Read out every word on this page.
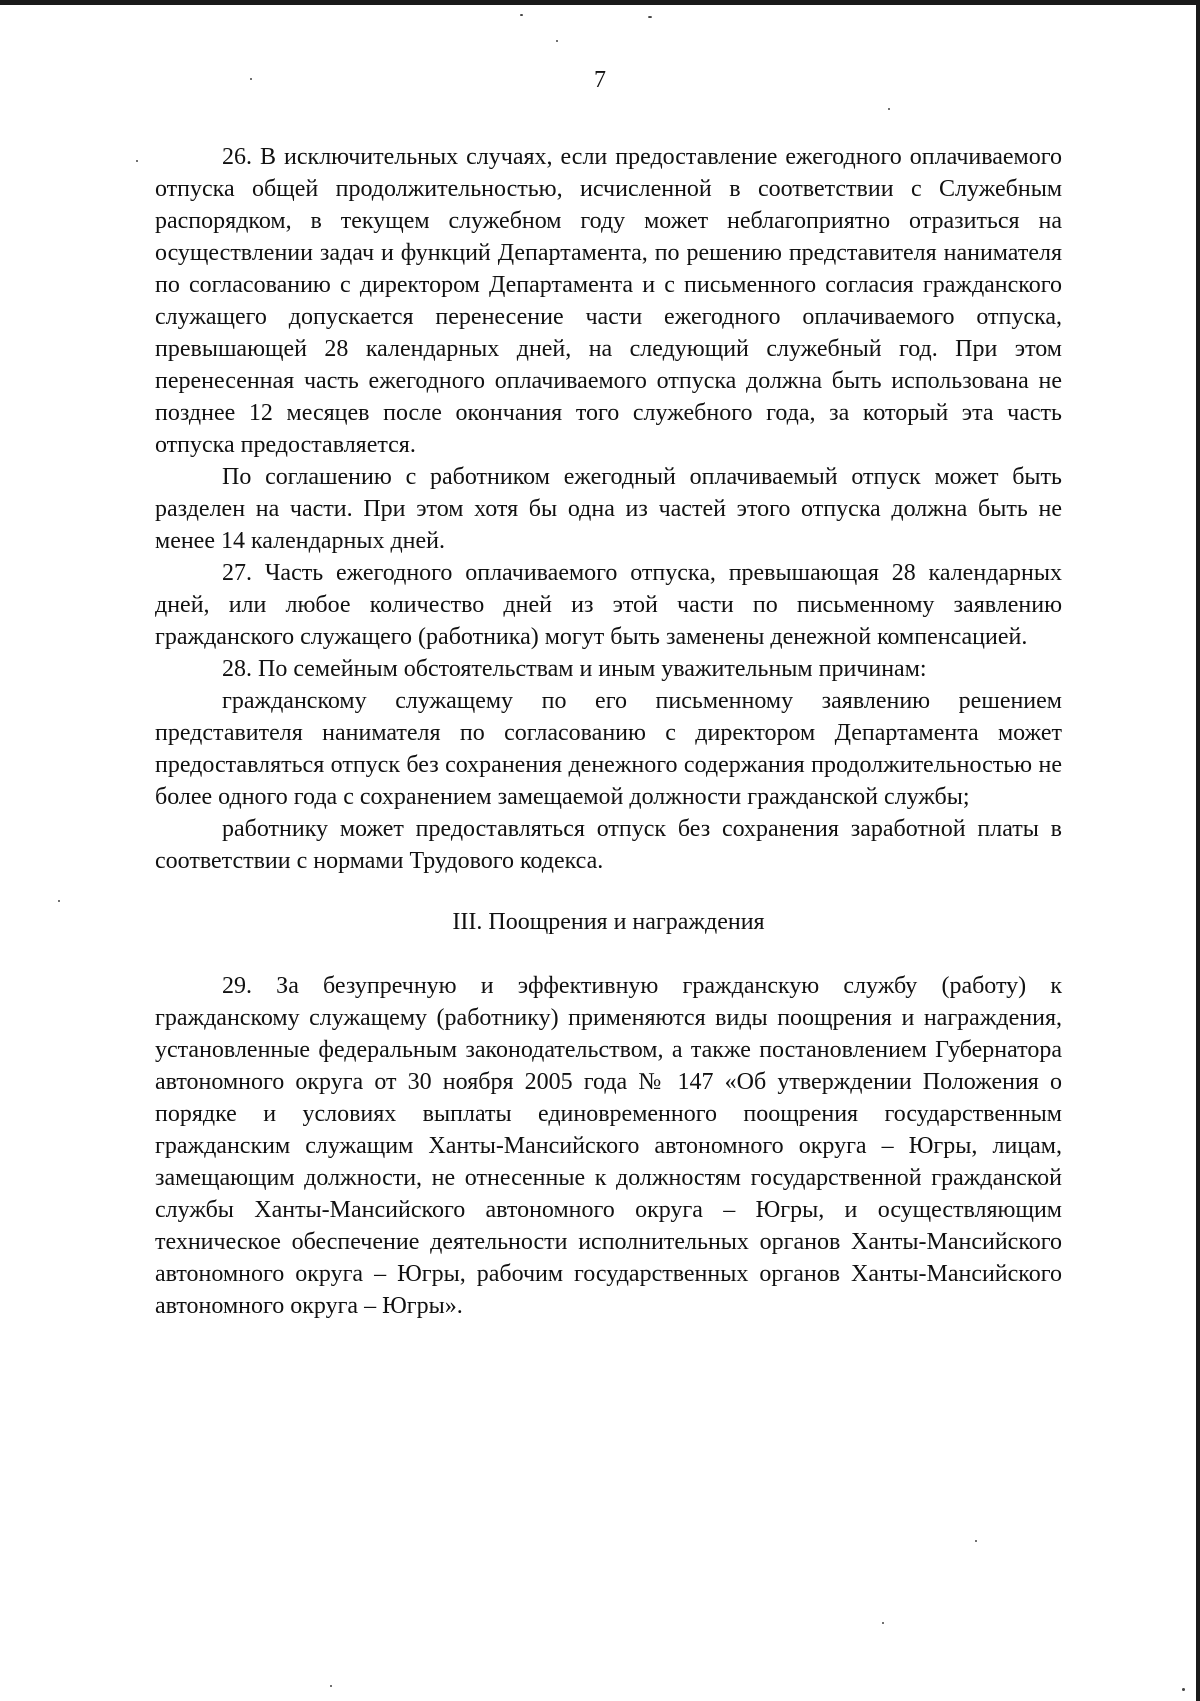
7

26. В исключительных случаях, если предоставление ежегодного оплачиваемого отпуска общей продолжительностью, исчисленной в соответствии с Служебным распорядком, в текущем служебном году может неблагоприятно отразиться на осуществлении задач и функций Департамента, по решению представителя нанимателя по согласованию с директором Департамента и с письменного согласия гражданского служащего допускается перенесение части ежегодного оплачиваемого отпуска, превышающей 28 календарных дней, на следующий служебный год. При этом перенесенная часть ежегодного оплачиваемого отпуска должна быть использована не позднее 12 месяцев после окончания того служебного года, за который эта часть отпуска предоставляется.

По соглашению с работником ежегодный оплачиваемый отпуск может быть разделен на части. При этом хотя бы одна из частей этого отпуска должна быть не менее 14 календарных дней.

27. Часть ежегодного оплачиваемого отпуска, превышающая 28 календарных дней, или любое количество дней из этой части по письменному заявлению гражданского служащего (работника) могут быть заменены денежной компенсацией.

28. По семейным обстоятельствам и иным уважительным причинам:

гражданскому служащему по его письменному заявлению решением представителя нанимателя по согласованию с директором Департамента может предоставляться отпуск без сохранения денежного содержания продолжительностью не более одного года с сохранением замещаемой должности гражданской службы;

работнику может предоставляться отпуск без сохранения заработной платы в соответствии с нормами Трудового кодекса.

III. Поощрения и награждения

29. За безупречную и эффективную гражданскую службу (работу) к гражданскому служащему (работнику) применяются виды поощрения и награждения, установленные федеральным законодательством, а также постановлением Губернатора автономного округа от 30 ноября 2005 года № 147 «Об утверждении Положения о порядке и условиях выплаты единовременного поощрения государственным гражданским служащим Ханты-Мансийского автономного округа – Югры, лицам, замещающим должности, не отнесенные к должностям государственной гражданской службы Ханты-Мансийского автономного округа – Югры, и осуществляющим техническое обеспечение деятельности исполнительных органов Ханты-Мансийского автономного округа – Югры, рабочим государственных органов Ханты-Мансийского автономного округа – Югры».
